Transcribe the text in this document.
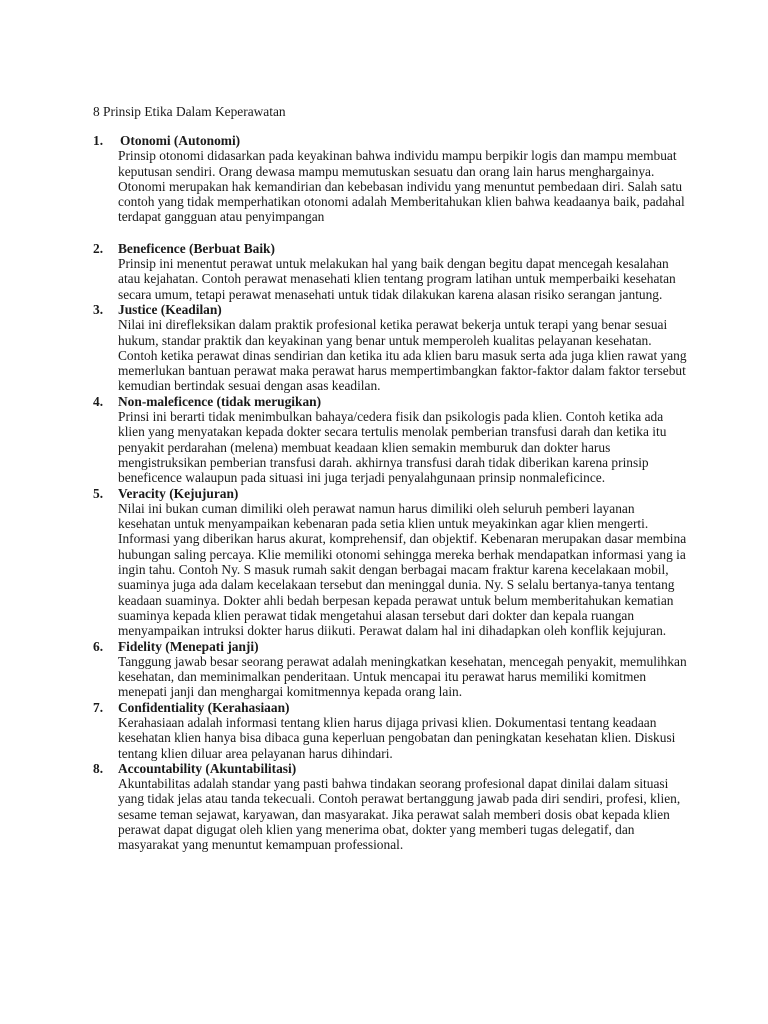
8 Prinsip Etika Dalam Keperawatan
1. Otonomi (Autonomi)

Prinsip otonomi didasarkan pada keyakinan bahwa individu mampu berpikir logis dan mampu membuat keputusan sendiri. Orang dewasa mampu memutuskan sesuatu dan orang lain harus menghargainya. Otonomi merupakan hak kemandirian dan kebebasan individu yang menuntut pembedaan diri. Salah satu contoh yang tidak memperhatikan otonomi adalah Memberitahukan klien bahwa keadaanya baik, padahal terdapat gangguan atau penyimpangan

2. Beneficence (Berbuat Baik)

Prinsip ini menentut perawat untuk melakukan hal yang baik dengan begitu dapat mencegah kesalahan atau kejahatan. Contoh perawat menasehati klien tentang program latihan untuk memperbaiki kesehatan secara umum, tetapi perawat menasehati untuk tidak dilakukan karena alasan risiko serangan jantung.

3. Justice (Keadilan)

Nilai ini direfleksikan dalam praktik profesional ketika perawat bekerja untuk terapi yang benar sesuai hukum, standar praktik dan keyakinan yang benar untuk memperoleh kualitas pelayanan kesehatan. Contoh ketika perawat dinas sendirian dan ketika itu ada klien baru masuk serta ada juga klien rawat yang memerlukan bantuan perawat maka perawat harus mempertimbangkan faktor-faktor dalam faktor tersebut kemudian bertindak sesuai dengan asas keadilan.

4. Non-maleficence (tidak merugikan)

Prinsi ini berarti tidak menimbulkan bahaya/cedera fisik dan psikologis pada klien. Contoh ketika ada klien yang menyatakan kepada dokter secara tertulis menolak pemberian transfusi darah dan ketika itu penyakit perdarahan (melena) membuat keadaan klien semakin memburuk dan dokter harus mengistruksikan pemberian transfusi darah. akhirnya transfusi darah tidak diberikan karena prinsip beneficence walaupun pada situasi ini juga terjadi penyalahgunaan prinsip nonmaleficince.

5. Veracity (Kejujuran)

Nilai ini bukan cuman dimiliki oleh perawat namun harus dimiliki oleh seluruh pemberi layanan kesehatan untuk menyampaikan kebenaran pada setia klien untuk meyakinkan agar klien mengerti. Informasi yang diberikan harus akurat, komprehensif, dan objektif. Kebenaran merupakan dasar membina hubungan saling percaya. Klie memiliki otonomi sehingga mereka berhak mendapatkan informasi yang ia ingin tahu. Contoh Ny. S masuk rumah sakit dengan berbagai macam fraktur karena kecelakaan mobil, suaminya juga ada dalam kecelakaan tersebut dan meninggal dunia. Ny. S selalu bertanya-tanya tentang keadaan suaminya. Dokter ahli bedah berpesan kepada perawat untuk belum memberitahukan kematian suaminya kepada klien perawat tidak mengetahui alasan tersebut dari dokter dan kepala ruangan menyampaikan intruksi dokter harus diikuti. Perawat dalam hal ini dihadapkan oleh konflik kejujuran.

6. Fidelity (Menepati janji)

Tanggung jawab besar seorang perawat adalah meningkatkan kesehatan, mencegah penyakit, memulihkan kesehatan, dan meminimalkan penderitaan. Untuk mencapai itu perawat harus memiliki komitmen menepati janji dan menghargai komitmennya kepada orang lain.

7. Confidentiality (Kerahasiaan)

Kerahasiaan adalah informasi tentang klien harus dijaga privasi klien. Dokumentasi tentang keadaan kesehatan klien hanya bisa dibaca guna keperluan pengobatan dan peningkatan kesehatan klien. Diskusi tentang klien diluar area pelayanan harus dihindari.

8. Accountability (Akuntabilitasi)

Akuntabilitas adalah standar yang pasti bahwa tindakan seorang profesional dapat dinilai dalam situasi yang tidak jelas atau tanda tekecuali. Contoh perawat bertanggung jawab pada diri sendiri, profesi, klien, sesame teman sejawat, karyawan, dan masyarakat. Jika perawat salah memberi dosis obat kepada klien perawat dapat digugat oleh klien yang menerima obat, dokter yang memberi tugas delegatif, dan masyarakat yang menuntut kemampuan professional.
